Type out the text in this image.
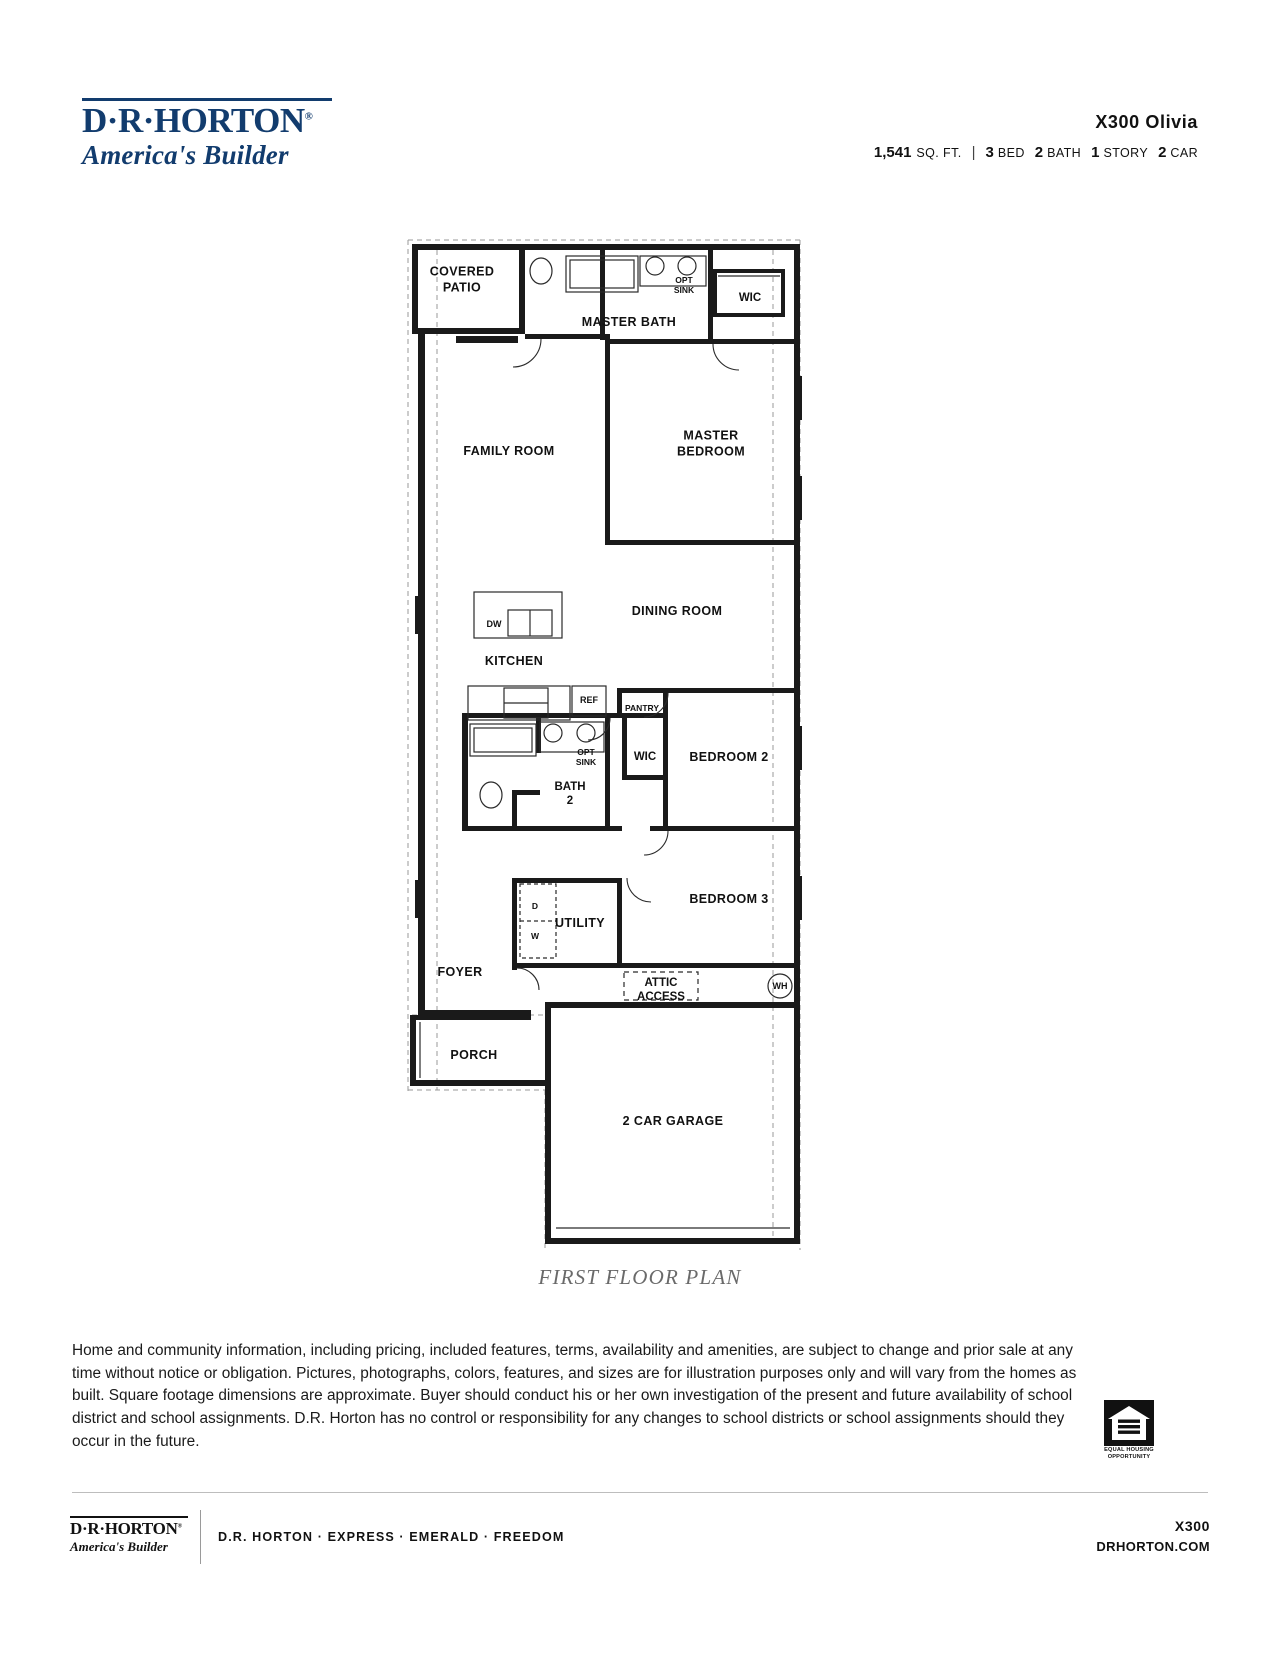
D·R·HORTON®
America's Builder
X300 Olivia
1,541 SQ. FT. | 3 BED 2 BATH 1 STORY 2 CAR
COVERED
PATIO
MASTER BATH
WIC
OPT
SINK
FAMILY ROOM
MASTER
BEDROOM
DINING ROOM
KITCHEN
DW
REF
PANTRY
WIC	BEDROOM 2
OPT
SINK
BATH
2
BEDROOM 3
UTILITY
D
W
FOYER
ATTIC
ACCESS
WH
PORCH
2 CAR GARAGE
FIRST FLOOR PLAN
Home and community information, including pricing, included features, terms, availability and amenities, are subject to change and prior sale at any time without notice or obligation. Pictures, photographs, colors, features, and sizes are for illustration purposes only and will vary from the homes as built. Square footage dimensions are approximate. Buyer should conduct his or her own investigation of the present and future availability of school district and school assignments. D.R. Horton has no control or responsibility for any changes to school districts or school assignments should they occur in the future.
EQUAL HOUSING
OPPORTUNITY
D·R·HORTON®
America's Builder
D.R. HORTON · EXPRESS · EMERALD · FREEDOM
X300
DRHORTON.COM
